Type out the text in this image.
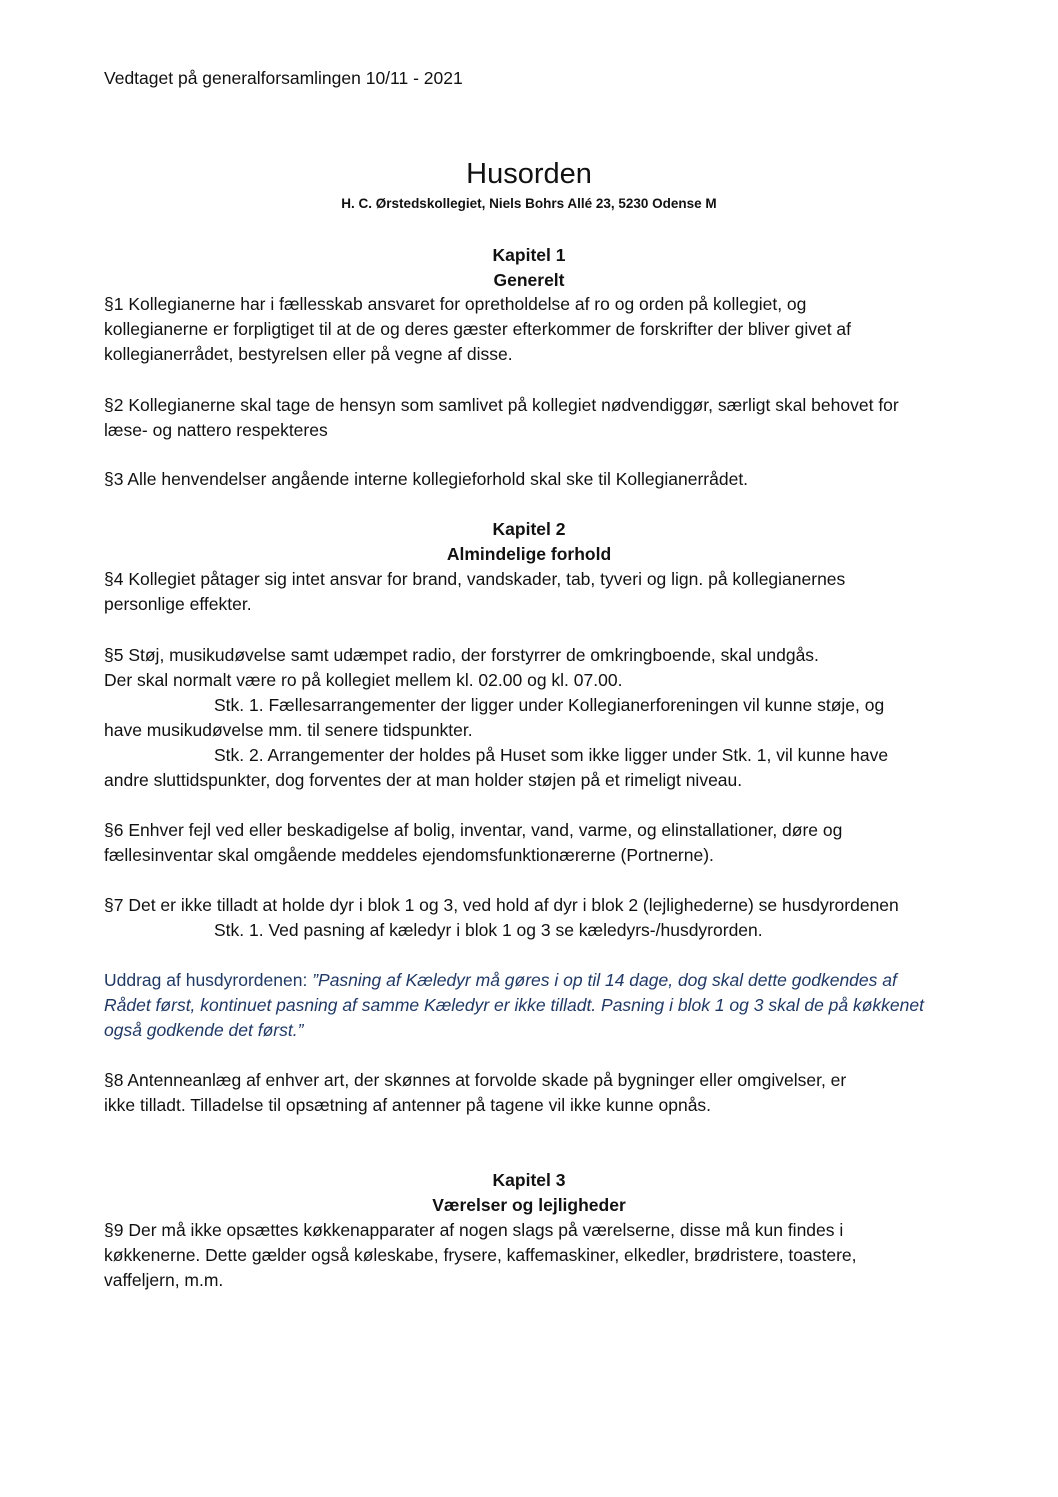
Vedtaget på generalforsamlingen 10/11 - 2021
Husorden
H. C. Ørstedskollegiet, Niels Bohrs Allé 23, 5230 Odense M
Kapitel 1
Generelt

§1 Kollegianerne har i fællesskab ansvaret for opretholdelse af ro og orden på kollegiet, og

kollegianerne er forpligtiget til at de og deres gæster efterkommer de forskrifter der bliver givet af

kollegianerrådet, bestyrelsen eller på vegne af disse.

§2 Kollegianerne skal tage de hensyn som samlivet på kollegiet nødvendiggør, særligt skal behovet for

læse- og nattero respekteres

§3 Alle henvendelser angående interne kollegieforhold skal ske til Kollegianerrådet.

Kapitel 2
Almindelige forhold

§4 Kollegiet påtager sig intet ansvar for brand, vandskader, tab, tyveri og lign. på kollegianernes

personlige effekter.

§5 Støj, musikudøvelse samt udæmpet radio, der forstyrrer de omkringboende, skal undgås.

Der skal normalt være ro på kollegiet mellem kl. 02.00 og kl. 07.00.

Stk. 1. Fællesarrangementer der ligger under Kollegianerforeningen vil kunne støje, og

have musikudøvelse mm. til senere tidspunkter.

Stk. 2. Arrangementer der holdes på Huset som ikke ligger under Stk. 1, vil kunne have

andre sluttidspunkter, dog forventes der at man holder støjen på et rimeligt niveau.

§6 Enhver fejl ved eller beskadigelse af bolig, inventar, vand, varme, og elinstallationer, døre og

fællesinventar skal omgående meddeles ejendomsfunktionærerne (Portnerne).

§7 Det er ikke tilladt at holde dyr i blok 1 og 3, ved hold af dyr i blok 2 (lejlighederne) se husdyrordenen

Stk. 1. Ved pasning af kæledyr i blok 1 og 3 se kæledyrs-/husdyrorden.

Uddrag af husdyrordenen: ”Pasning af Kæledyr må gøres i op til 14 dage, dog skal dette godkendes af

Rådet først, kontinuet pasning af samme Kæledyr er ikke tilladt. Pasning i blok 1 og 3 skal de på køkkenet

også godkende det først.”

§8 Antenneanlæg af enhver art, der skønnes at forvolde skade på bygninger eller omgivelser, er

ikke tilladt. Tilladelse til opsætning af antenner på tagene vil ikke kunne opnås.

Kapitel 3
Værelser og lejligheder

§9 Der må ikke opsættes køkkenapparater af nogen slags på værelserne, disse må kun findes i

køkkenerne. Dette gælder også køleskabe, frysere, kaffemaskiner, elkedler, brødristere, toastere,

vaffeljern, m.m.
